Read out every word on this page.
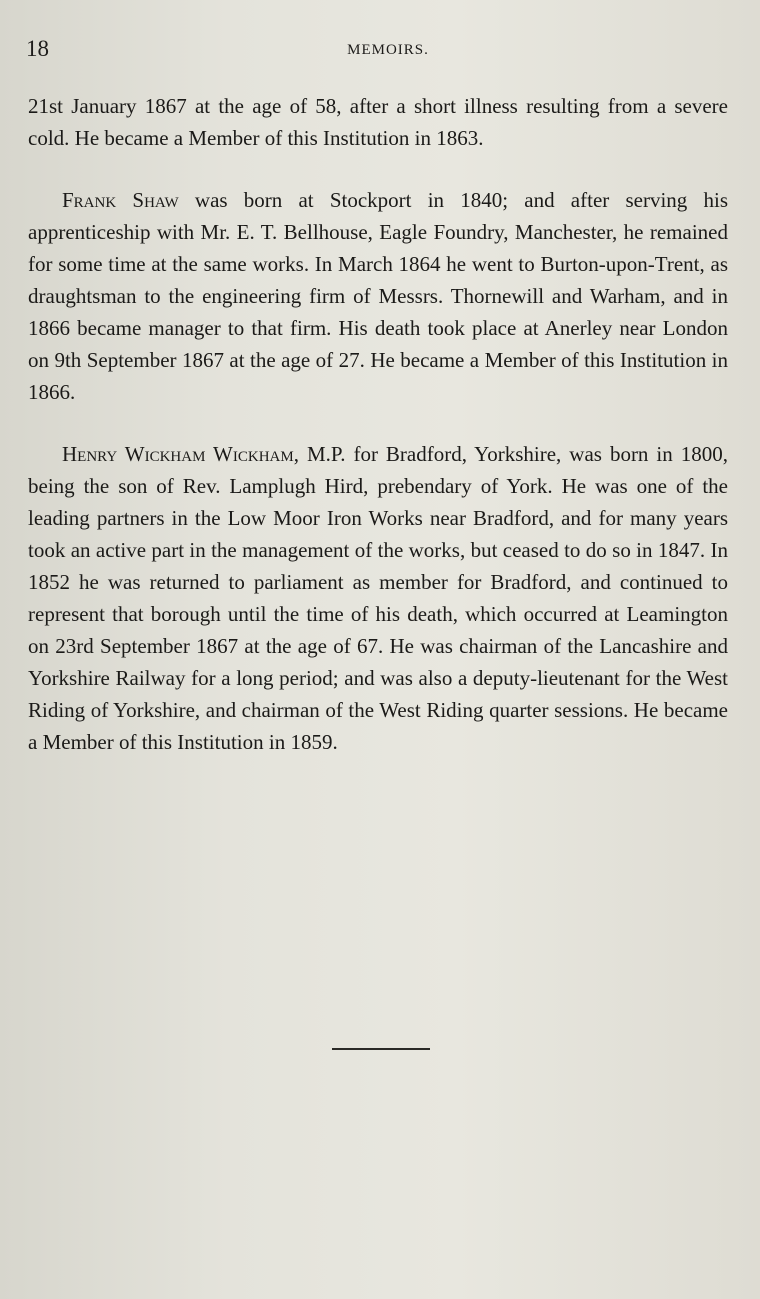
18	MEMOIRS.

21st January 1867 at the age of 58, after a short illness resulting from a severe cold. He became a Member of this Institution in 1863.

Frank Shaw was born at Stockport in 1840; and after serving his apprenticeship with Mr. E. T. Bellhouse, Eagle Foundry, Manchester, he remained for some time at the same works. In March 1864 he went to Burton-upon-Trent, as draughtsman to the engineering firm of Messrs. Thornewill and Warham, and in 1866 became manager to that firm. His death took place at Anerley near London on 9th September 1867 at the age of 27. He became a Member of this Institution in 1866.

Henry Wickham Wickham, M.P. for Bradford, Yorkshire, was born in 1800, being the son of Rev. Lamplugh Hird, prebendary of York. He was one of the leading partners in the Low Moor Iron Works near Bradford, and for many years took an active part in the management of the works, but ceased to do so in 1847. In 1852 he was returned to parliament as member for Bradford, and continued to represent that borough until the time of his death, which occurred at Leamington on 23rd September 1867 at the age of 67. He was chairman of the Lancashire and Yorkshire Railway for a long period; and was also a deputy-lieutenant for the West Riding of Yorkshire, and chairman of the West Riding quarter sessions. He became a Member of this Institution in 1859.
